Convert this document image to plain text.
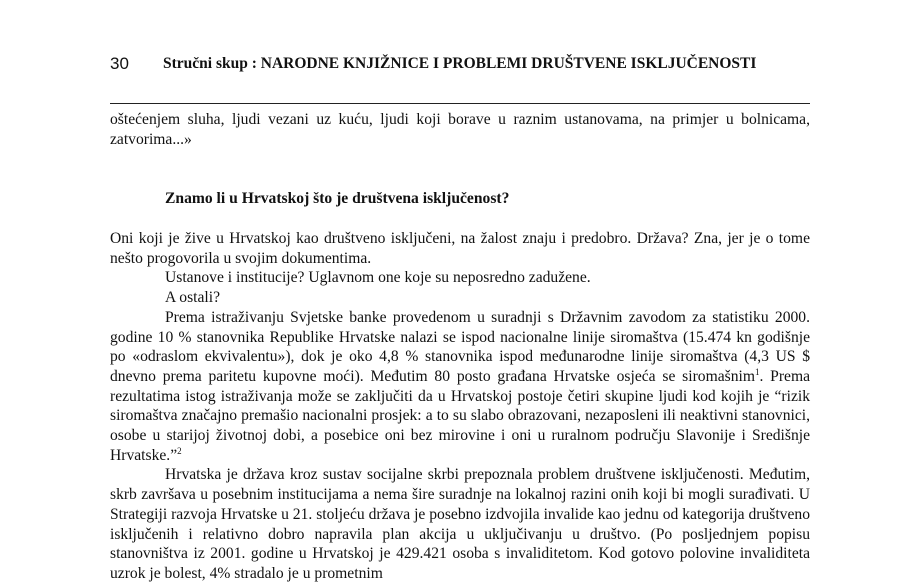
30 Stručni skup : NARODNE KNJIŽNICE I PROBLEMI DRUŠTVENE ISKLJUČENOSTI

oštećenjem sluha, ljudi vezani uz kuću, ljudi koji borave u raznim ustanovama, na primjer u bolnicama, zatvorima...»

Znamo li u Hrvatskoj što je društvena isključenost?

Oni koji je žive u Hrvatskoj kao društveno isključeni, na žalost znaju i predobro. Država? Zna, jer je o tome nešto progovorila u svojim dokumentima.

Ustanove i institucije? Uglavnom one koje su neposredno zadužene.

A ostali?

Prema istraživanju Svjetske banke provedenom u suradnji s Državnim zavodom za statistiku 2000. godine 10 % stanovnika Republike Hrvatske nalazi se ispod nacionalne linije siromaštva (15.474 kn godišnje po «odraslom ekvivalentu»), dok je oko 4,8 % stanovnika ispod međunarodne linije siromaštva (4,3 US $ dnevno prema paritetu kupovne moći). Međutim 80 posto građana Hrvatske osjeća se siromašnim$^1$. Prema rezultatima istog istraživanja može se zaključiti da u Hrvatskoj postoje četiri skupine ljudi kod kojih je “rizik siromaštva značajno premašio nacionalni prosjek: a to su slabo obrazovani, nezaposleni ili neaktivni stanovnici, osobe u starijoj životnoj dobi, a posebice oni bez mirovine i oni u ruralnom području Slavonije i Središnje Hrvatske.”$^2$

Hrvatska je država kroz sustav socijalne skrbi prepoznala problem društvene isključenosti. Međutim, skrb završava u posebnim institucijama a nema šire suradnje na lokalnoj razini onih koji bi mogli surađivati. U Strategiji razvoja Hrvatske u 21. stoljeću država je posebno izdvojila invalide kao jednu od kategorija društveno isključenih i relativno dobro napravila plan akcija u uključivanju u društvo. (Po posljednjem popisu stanovništva iz 2001. godine u Hrvatskoj je 429.421 osoba s invaliditetom. Kod gotovo polovine invaliditeta uzrok je bolest, 4% stradalo je u prometnim
